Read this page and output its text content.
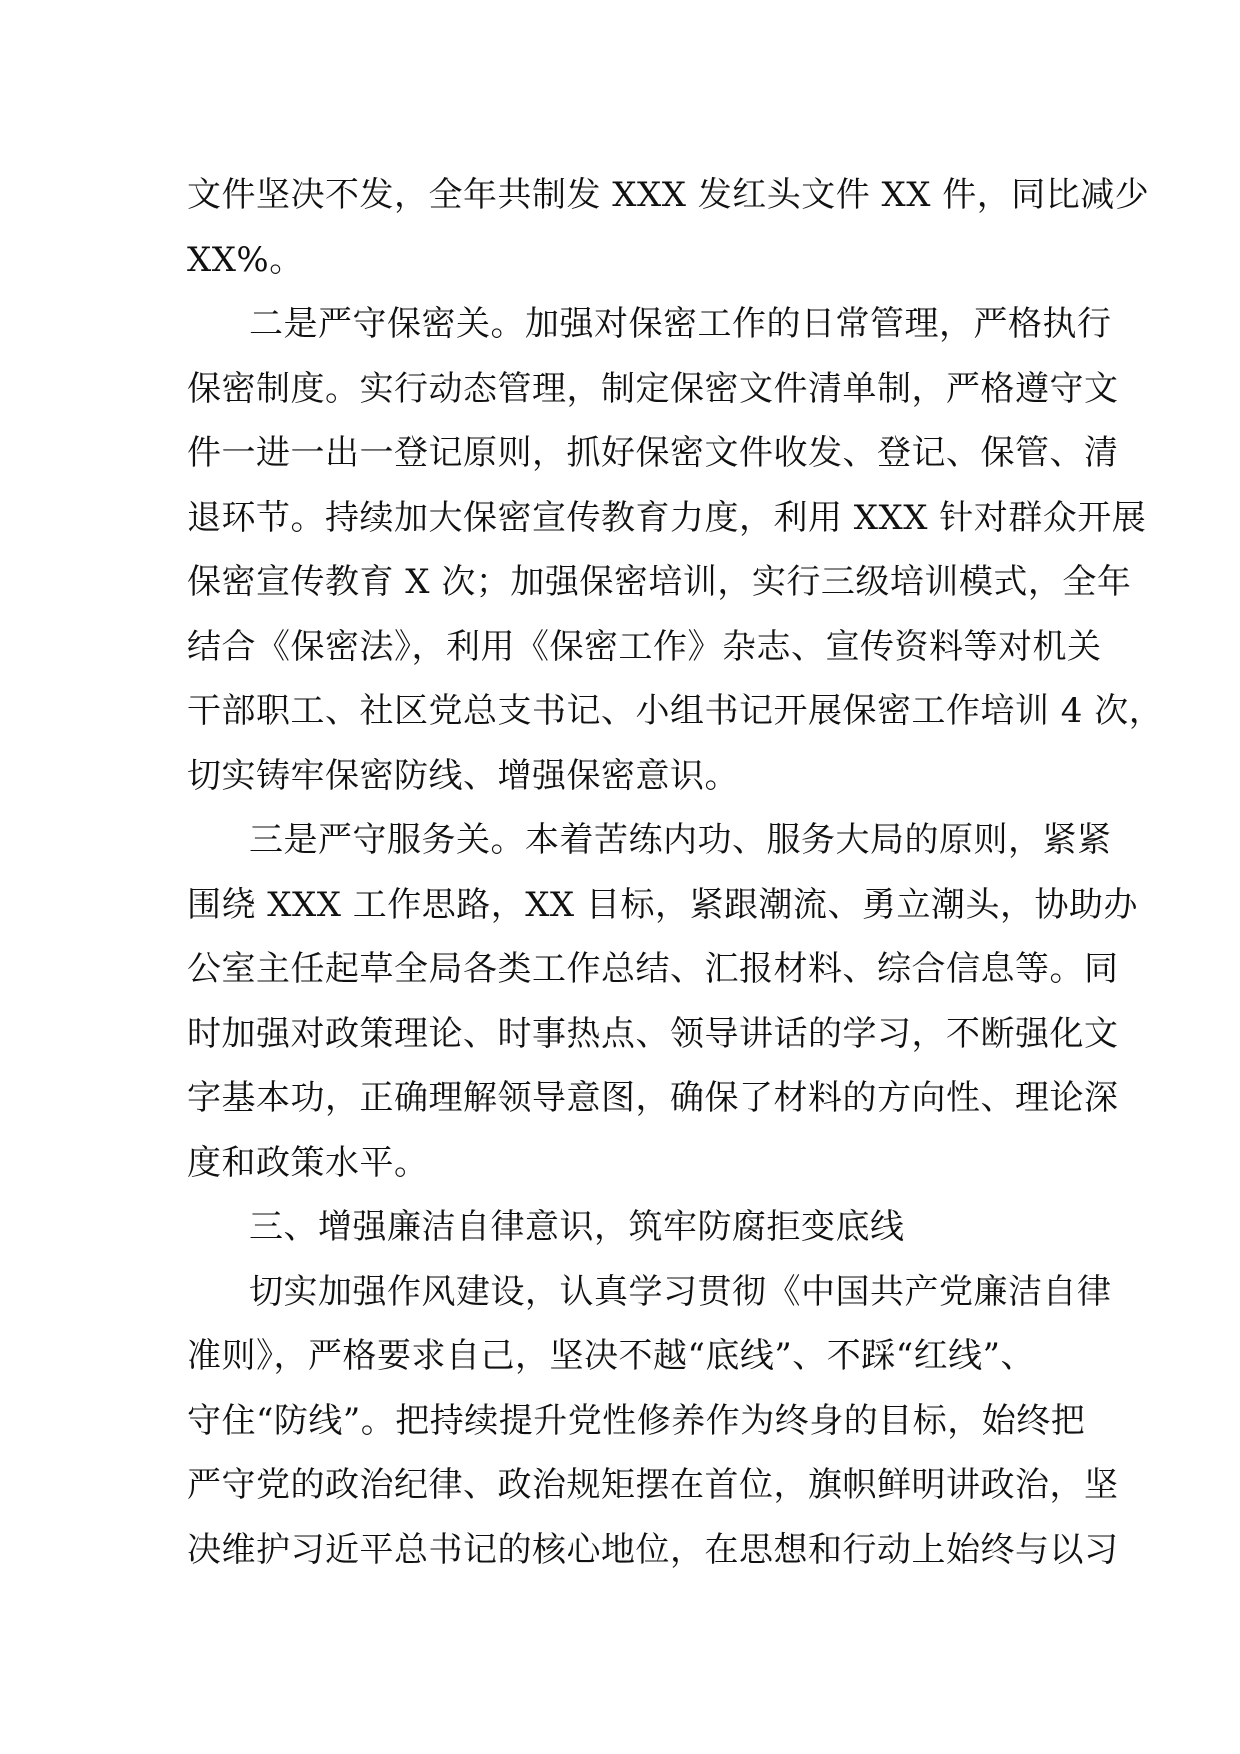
文件坚决不发，全年共制发 XXX 发红头文件 XX 件，同比减少
XX%。
二是严守保密关。加强对保密工作的日常管理，严格执行
保密制度。实行动态管理，制定保密文件清单制，严格遵守文
件一进一出一登记原则，抓好保密文件收发、登记、保管、清
退环节。持续加大保密宣传教育力度，利用 XXX 针对群众开展
保密宣传教育 X 次；加强保密培训，实行三级培训模式，全年
结合《保密法》，利用《保密工作》杂志、宣传资料等对机关
干部职工、社区党总支书记、小组书记开展保密工作培训 4 次，
切实铸牢保密防线、增强保密意识。
三是严守服务关。本着苦练内功、服务大局的原则，紧紧
围绕 XXX 工作思路，XX 目标，紧跟潮流、勇立潮头，协助办
公室主任起草全局各类工作总结、汇报材料、综合信息等。同
时加强对政策理论、时事热点、领导讲话的学习，不断强化文
字基本功，正确理解领导意图，确保了材料的方向性、理论深
度和政策水平。
三、增强廉洁自律意识，筑牢防腐拒变底线
切实加强作风建设，认真学习贯彻《中国共产党廉洁自律
准则》，严格要求自己，坚决不越“底线”、不踩“红线”、
守住“防线”。把持续提升党性修养作为终身的目标，始终把
严守党的政治纪律、政治规矩摆在首位，旗帜鲜明讲政治，坚
决维护习近平总书记的核心地位，在思想和行动上始终与以习
